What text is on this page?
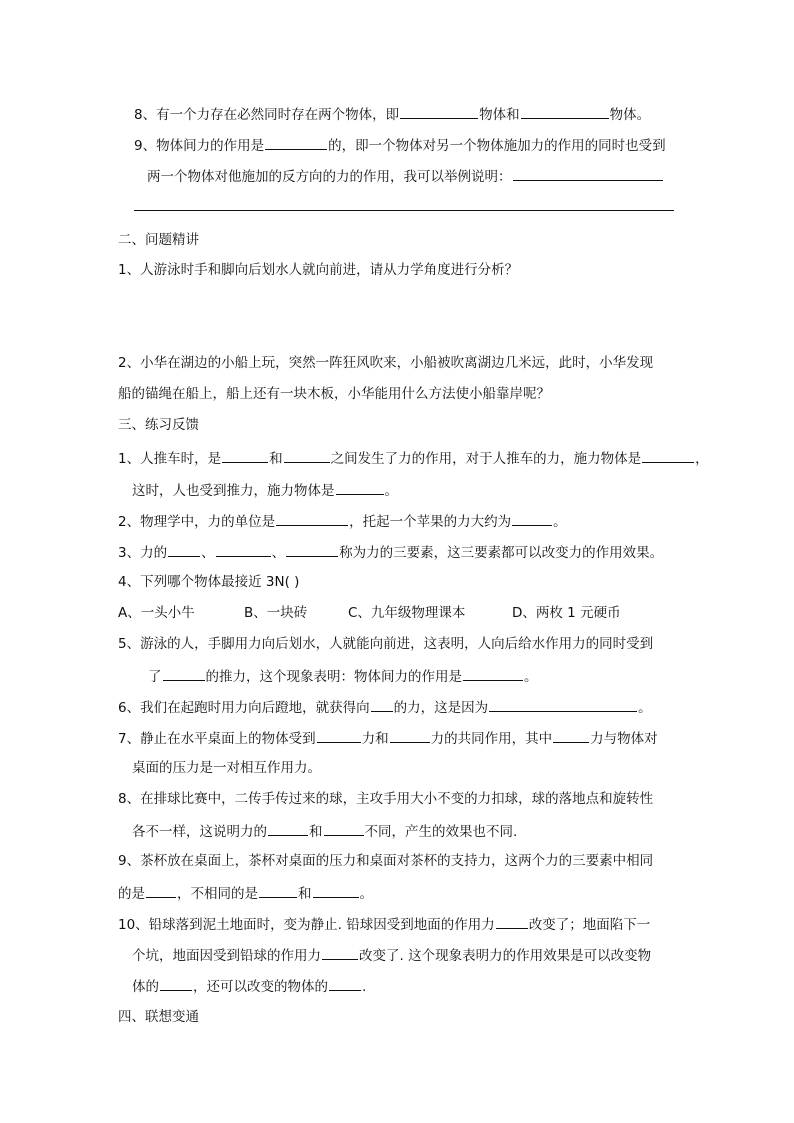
8、有一个力存在必然同时存在两个物体，即	物体和	物体。
9、物体间力的作用是	的，即一个物体对另一个物体施加力的作用的同时也受到
两一个物体对他施加的反方向的力的作用，我可以举例说明：
二、问题精讲
1、人游泳时手和脚向后划水人就向前进，请从力学角度进行分析？
2、小华在湖边的小船上玩，突然一阵狂风吹来，小船被吹离湖边几米远，此时，小华发现
船的锚绳在船上，船上还有一块木板，小华能用什么方法使小船靠岸呢？
三、练习反馈
1、人推车时，是	和	之间发生了力的作用，对于人推车的力，施力物体是	，
这时，人也受到推力，施力物体是	。
2、物理学中，力的单位是	，托起一个苹果的力大约为	。
3、力的	、	、	称为力的三要素，这三要素都可以改变力的作用效果。
4、下列哪个物体最接近 3N( )
A、一头小牛	B、一块砖	C、九年级物理课本	D、两枚 1 元硬币
5、游泳的人，手脚用力向后划水，人就能向前进，这表明，人向后给水作用力的同时受到
了	的推力，这个现象表明：物体间力的作用是	。
6、我们在起跑时用力向后蹬地，就获得向 的力，这是因为	。
7、静止在水平桌面上的物体受到	力和	力的共同作用，其中	力与物体对
桌面的压力是一对相互作用力。
8、在排球比赛中，二传手传过来的球，主攻手用大小不变的力扣球，球的落地点和旋转性
各不一样，这说明力的	和	不同，产生的效果也不同.
9、茶杯放在桌面上，茶杯对桌面的压力和桌面对茶杯的支持力，这两个力的三要素中相同
的是 ，不相同的是	和	。
10、铅球落到泥土地面时，变为静止. 铅球因受到地面的作用力	改变了；地面陷下一
个坑，地面因受到铅球的作用力	改变了. 这个现象表明力的作用效果是可以改变物
体的	，还可以改变的物体的	.
四、联想变通
